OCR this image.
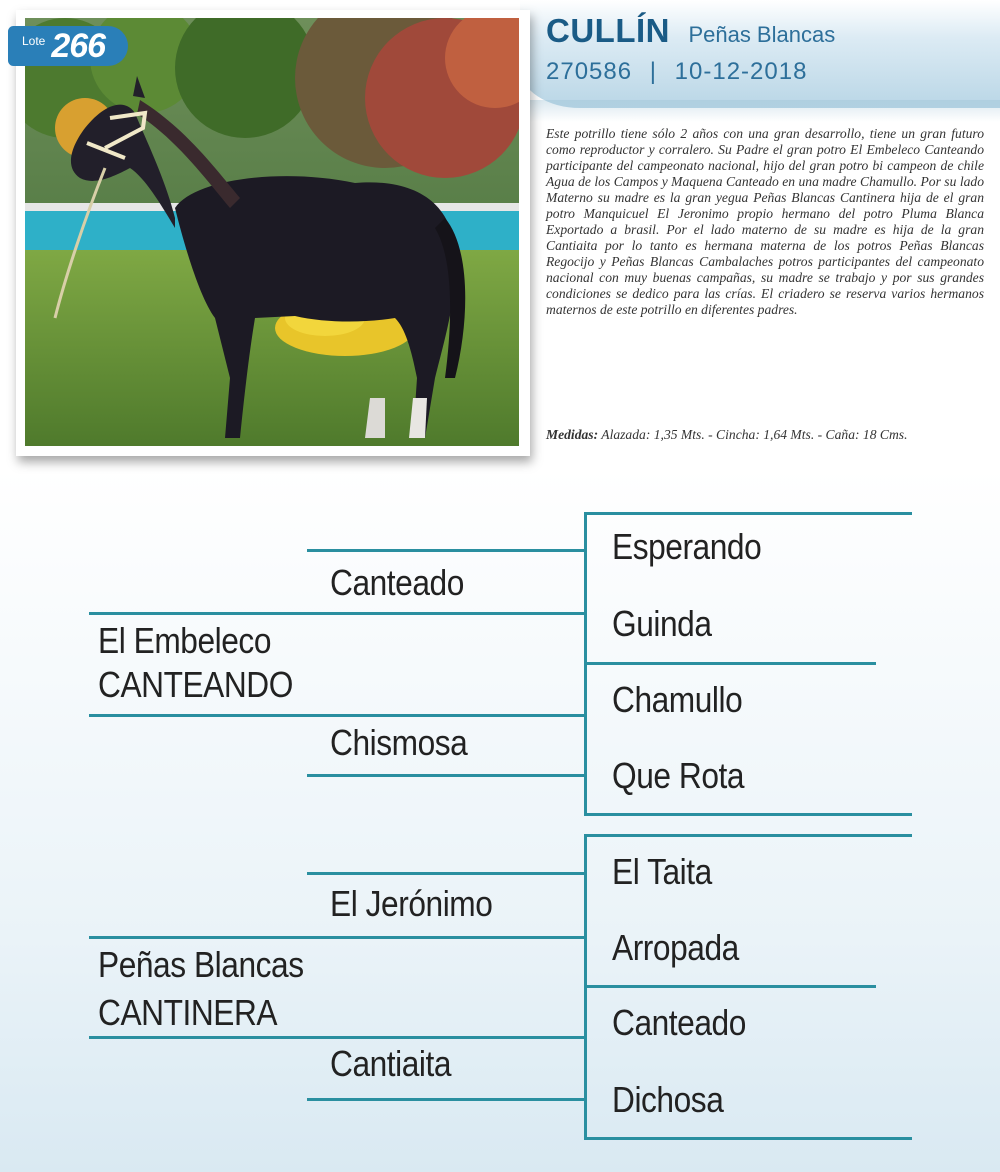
CULLÍN Peñas Blancas
270586 | 10-12-2018
Lote 266

Este potrillo tiene sólo 2 años con una gran desarrollo, tiene un gran futuro como reproductor y corralero. Su Padre el gran potro El Embeleco Canteando participante del campeonato nacional, hijo del gran potro bi campeon de chile Agua de los Campos y Maquena Canteado en una madre Chamullo. Por su lado Materno su madre es la gran yegua Peñas Blancas Cantinera hija de el gran potro Manquicuel El Jeronimo propio hermano del potro Pluma Blanca Exportado a brasil. Por el lado materno de su madre es hija de la gran Cantiaita por lo tanto es hermana materna de los potros Peñas Blancas Regocijo y Peñas Blancas Cambalaches potros participantes del campeonato nacional con muy buenas campañas, su madre se trabajo y por sus grandes condiciones se dedico para las crías. El criadero se reserva varios hermanos maternos de este potrillo en diferentes padres.

Medidas: Alazada: 1,35 Mts. - Cincha: 1,64 Mts. - Caña: 18 Cms.
El Embeleco
CANTEANDO
Canteado
Chismosa
Esperando
Guinda
Chamullo
Que Rota
Peñas Blancas
CANTINERA
El Jerónimo
Cantiaita
El Taita
Arropada
Canteado
Dichosa
